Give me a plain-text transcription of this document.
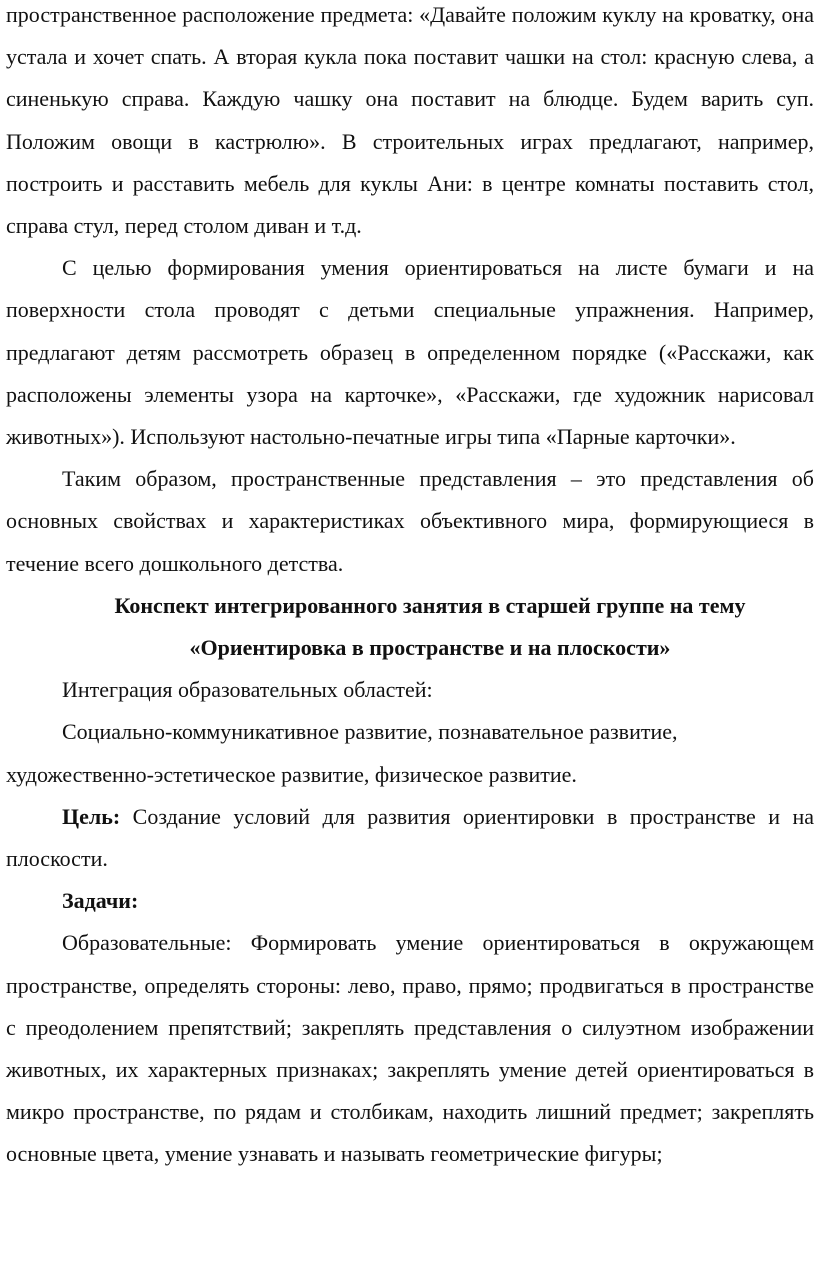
пространственное расположение предмета: «Давайте положим куклу на кроватку, она устала и хочет спать. А вторая кукла пока поставит чашки на стол: красную слева, а синенькую справа. Каждую чашку она поставит на блюдце. Будем варить суп. Положим овощи в кастрюлю». В строительных играх предлагают, например, построить и расставить мебель для куклы Ани: в центре комнаты поставить стол, справа стул, перед столом диван и т.д.

С целью формирования умения ориентироваться на листе бумаги и на поверхности стола проводят с детьми специальные упражнения. Например, предлагают детям рассмотреть образец в определенном порядке («Расскажи, как расположены элементы узора на карточке», «Расскажи, где художник нарисовал животных»). Используют настольно-печатные игры типа «Парные карточки».

Таким образом, пространственные представления – это представления об основных свойствах и характеристиках объективного мира, формирующиеся в течение всего дошкольного детства.

Конспект интегрированного занятия в старшей группе на тему

«Ориентировка в пространстве и на плоскости»

Интеграция образовательных областей:

Социально-коммуникативное развитие, познавательное развитие, художественно-эстетическое развитие, физическое развитие.

Цель: Создание условий для развития ориентировки в пространстве и на плоскости.

Задачи:

Образовательные: Формировать умение ориентироваться в окружающем пространстве, определять стороны: лево, право, прямо; продвигаться в пространстве с преодолением препятствий; закреплять представления о силуэтном изображении животных, их характерных признаках; закреплять умение детей ориентироваться в микро пространстве, по рядам и столбикам, находить лишний предмет; закреплять основные цвета, умение узнавать и называть геометрические фигуры;
